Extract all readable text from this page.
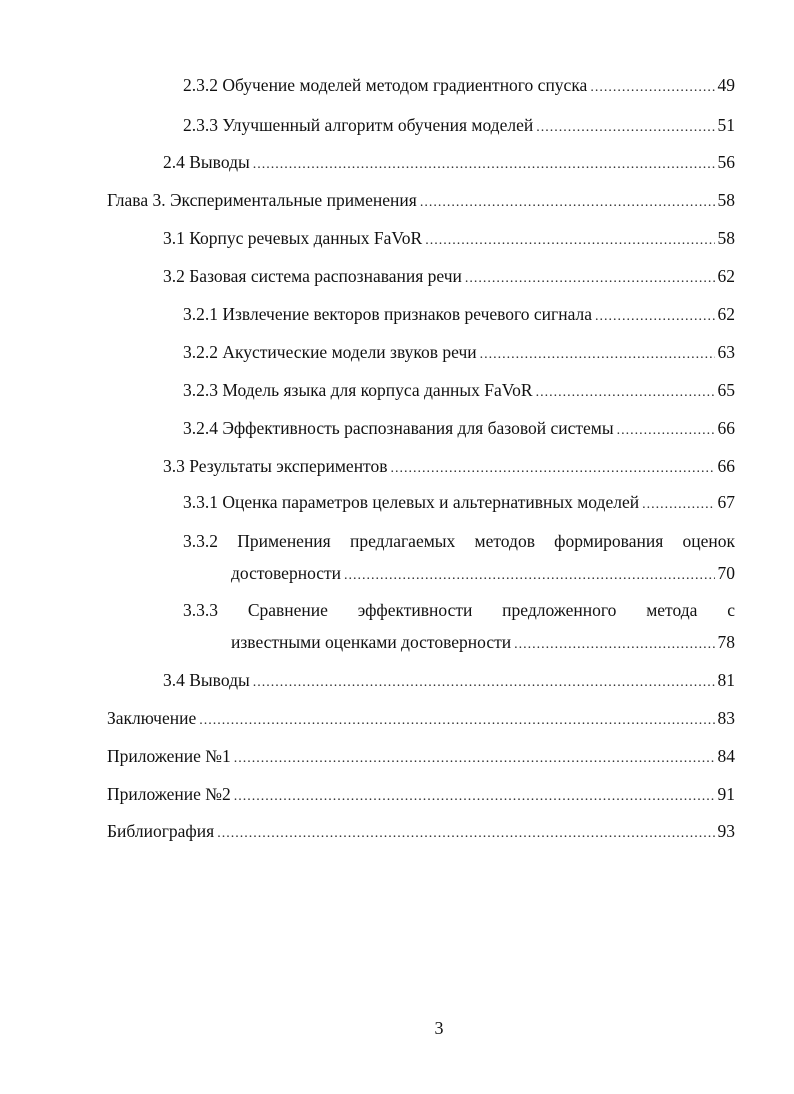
2.3.2 Обучение моделей методом градиентного спуска .....	49
2.3.3 Улучшенный алгоритм обучения моделей .....	51
2.4 Выводы .....	56
Глава 3. Экспериментальные применения .....	58
3.1 Корпус речевых данных FaVoR .....	58
3.2 Базовая система распознавания речи .....	62
3.2.1 Извлечение векторов признаков речевого сигнала .....	62
3.2.2 Акустические модели звуков речи .....	63
3.2.3 Модель языка для корпуса данных FaVoR .....	65
3.2.4 Эффективность распознавания для базовой системы .....	66
3.3 Результаты экспериментов .....	66
3.3.1 Оценка параметров целевых и альтернативных моделей .....	67
3.3.2 Применения предлагаемых методов формирования оценок
достоверности .....	70
3.3.3 Сравнение эффективности предложенного метода с
известными оценками достоверности .....	78
3.4 Выводы .....	81
Заключение .....	83
Приложение №1 .....	84
Приложение №2 .....	91
Библиография .....	93
3
